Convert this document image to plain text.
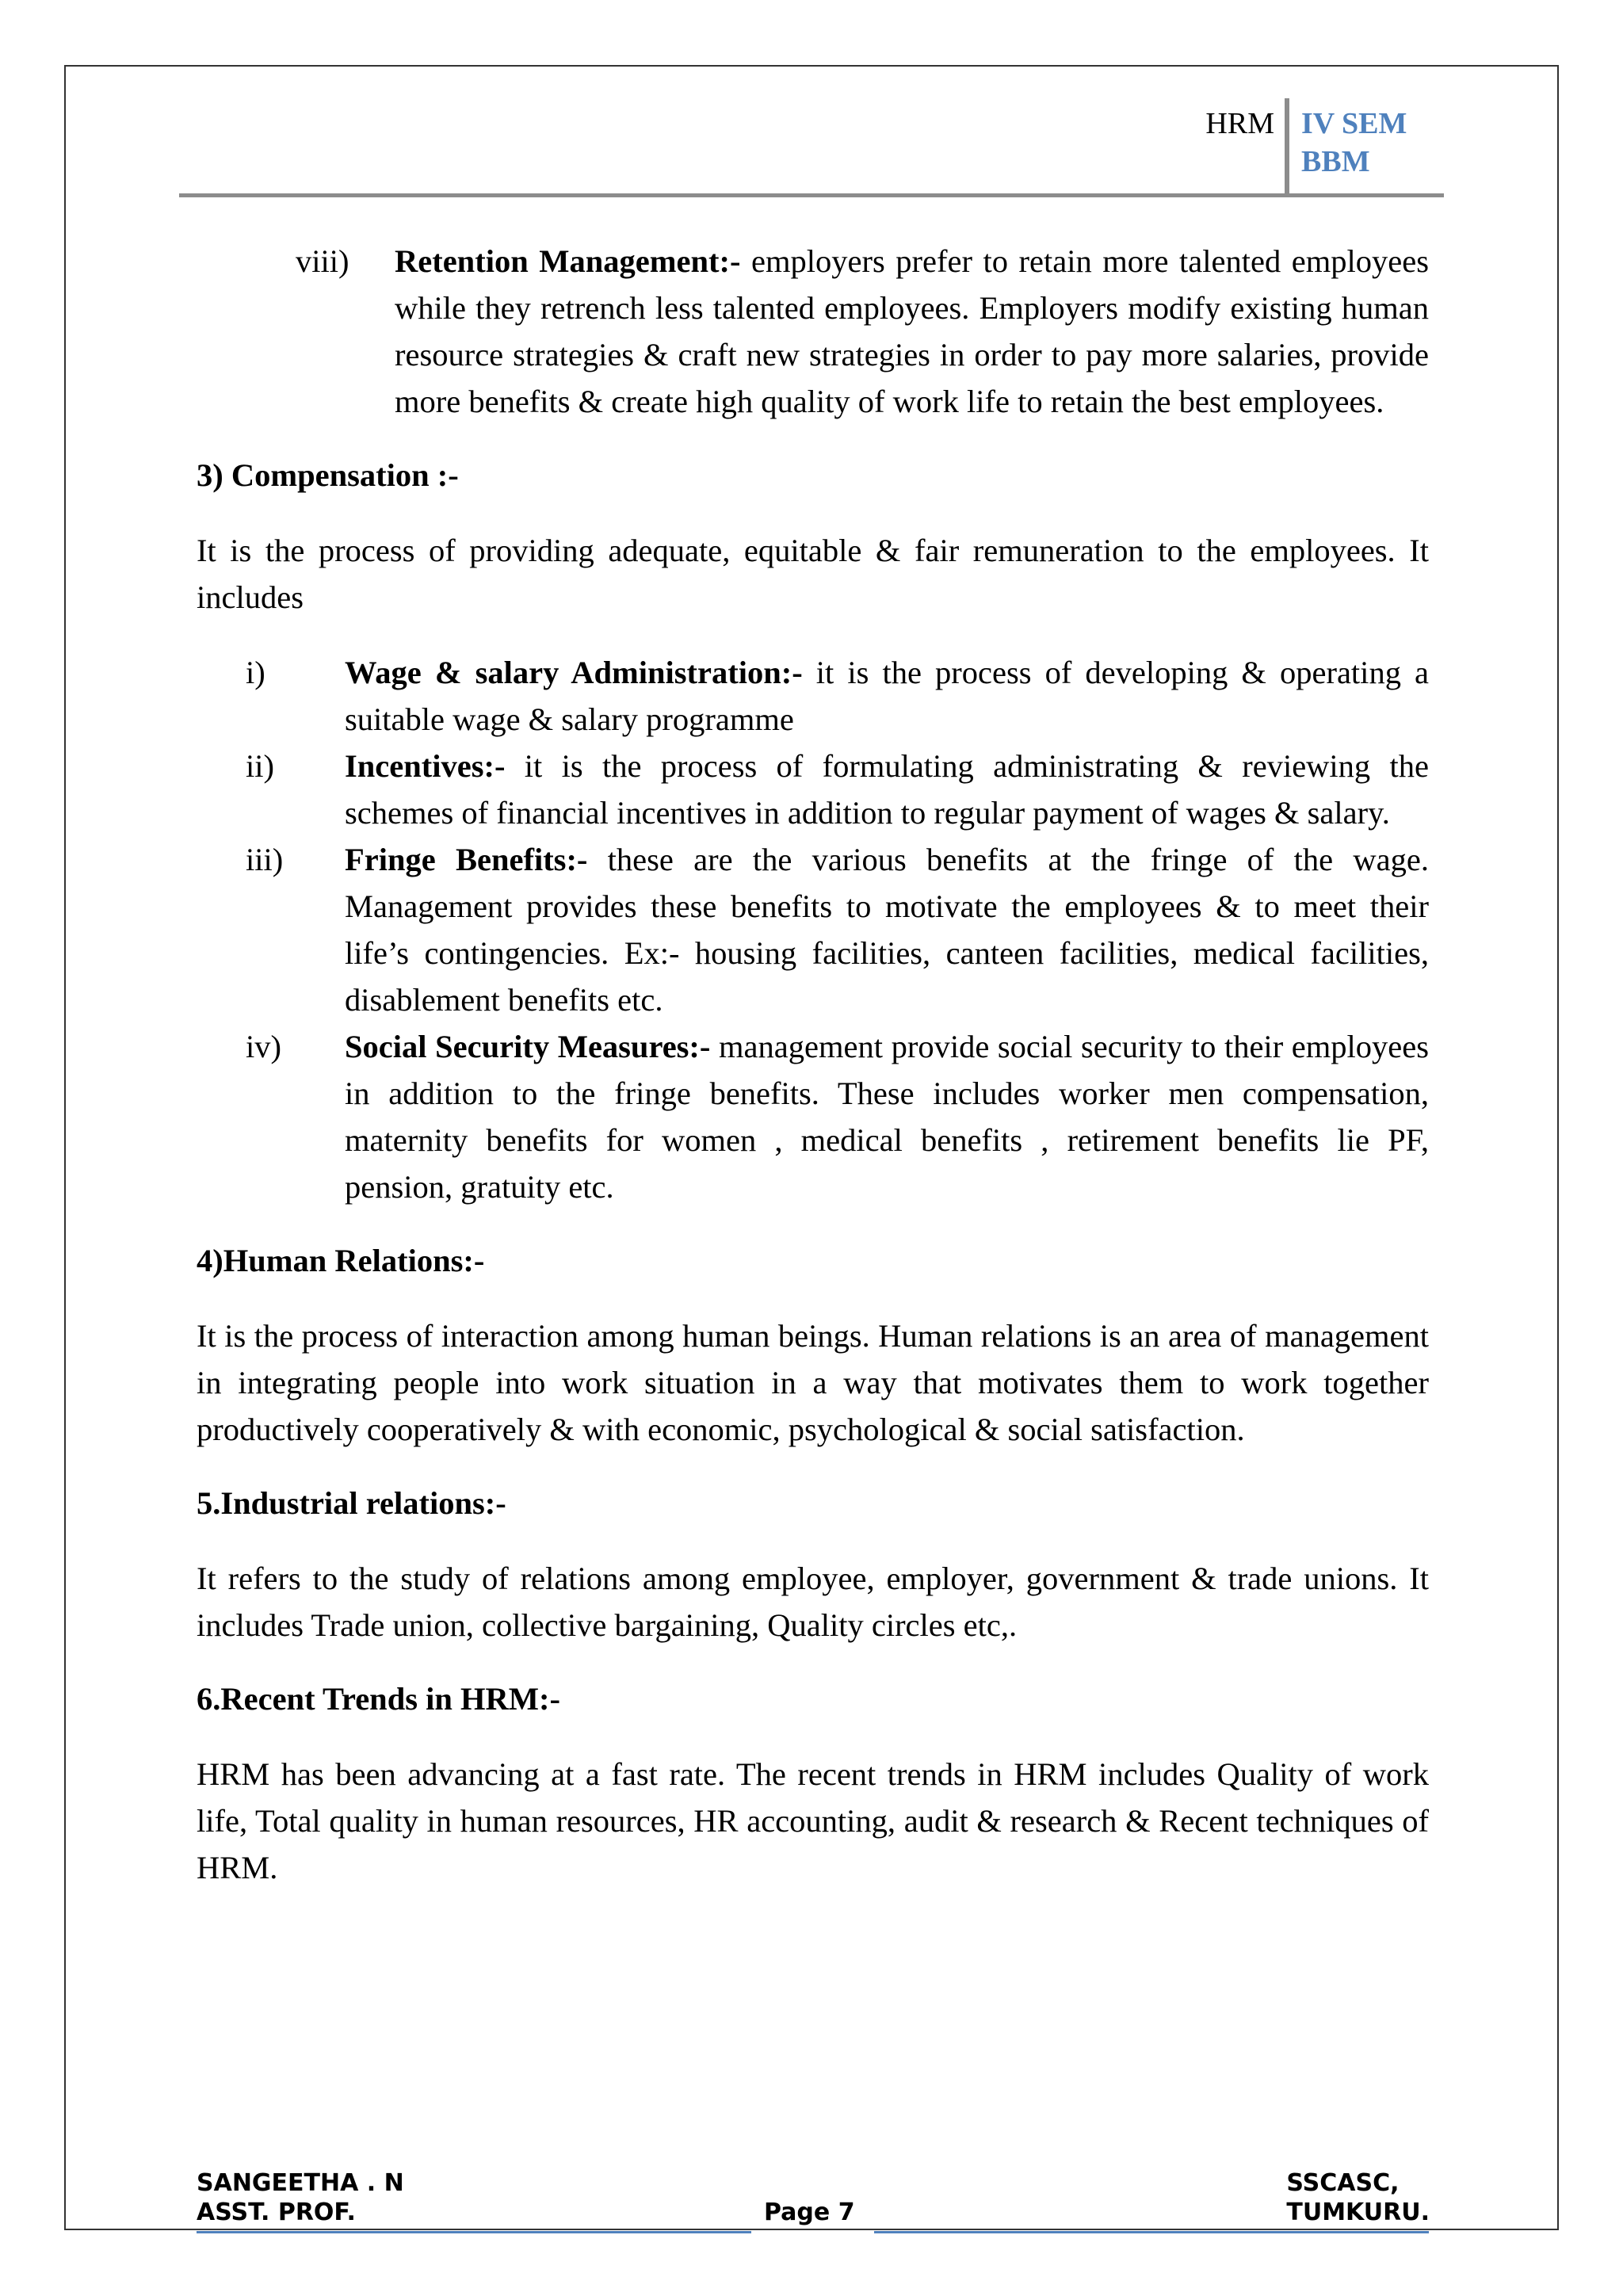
HRM IV SEM
BBM
viii) Retention Management:- employers prefer to retain more talented employees while they retrench less talented employees. Employers modify existing human resource strategies & craft new strategies in order to pay more salaries, provide more benefits & create high quality of work life to retain the best employees.

3) Compensation :-

It is the process of providing adequate, equitable & fair remuneration to the employees. It includes

i) Wage & salary Administration:- it is the process of developing & operating a suitable wage & salary programme
ii) Incentives:- it is the process of formulating administrating & reviewing the schemes of financial incentives in addition to regular payment of wages & salary.
iii) Fringe Benefits:- these are the various benefits at the fringe of the wage. Management provides these benefits to motivate the employees & to meet their life’s contingencies. Ex:- housing facilities, canteen facilities, medical facilities, disablement benefits etc.
iv) Social Security Measures:- management provide social security to their employees in addition to the fringe benefits. These includes worker men compensation, maternity benefits for women , medical benefits , retirement benefits lie PF, pension, gratuity etc.

4)Human Relations:-

It is the process of interaction among human beings. Human relations is an area of management in integrating people into work situation in a way that motivates them to work together productively cooperatively & with economic, psychological & social satisfaction.

5.Industrial relations:-

It refers to the study of relations among employee, employer, government & trade unions. It includes Trade union, collective bargaining, Quality circles etc,.

6.Recent Trends in HRM:-

HRM has been advancing at a fast rate. The recent trends in HRM includes Quality of work life, Total quality in human resources, HR accounting, audit & research & Recent techniques of HRM.

SANGEETHA . N
ASST. PROF.	Page 7
SSCASC,
TUMKURU.
